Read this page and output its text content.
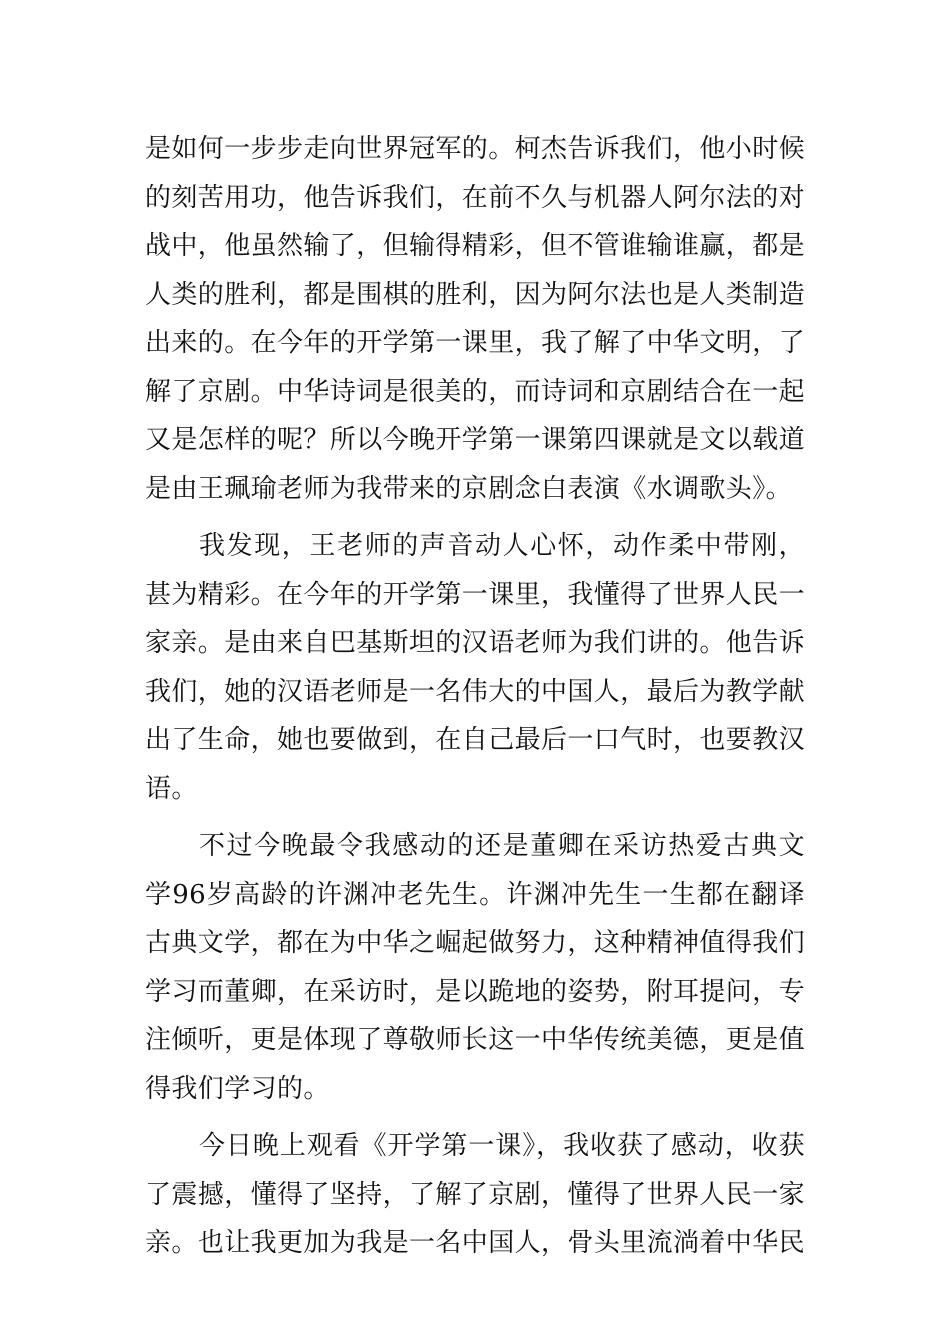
是如何一步步走向世界冠军的。柯杰告诉我们，他小时候的刻苦用功，他告诉我们，在前不久与机器人阿尔法的对战中，他虽然输了，但输得精彩，但不管谁输谁赢，都是人类的胜利，都是围棋的胜利，因为阿尔法也是人类制造出来的。在今年的开学第一课里，我了解了中华文明，了解了京剧。中华诗词是很美的，而诗词和京剧结合在一起又是怎样的呢？所以今晚开学第一课第四课就是文以载道是由王珮瑜老师为我带来的京剧念白表演《水调歌头》。

我发现，王老师的声音动人心怀，动作柔中带刚，甚为精彩。在今年的开学第一课里，我懂得了世界人民一家亲。是由来自巴基斯坦的汉语老师为我们讲的。他告诉我们，她的汉语老师是一名伟大的中国人，最后为教学献出了生命，她也要做到，在自己最后一口气时，也要教汉语。

不过今晚最令我感动的还是董卿在采访热爱古典文学96岁高龄的许渊冲老先生。许渊冲先生一生都在翻译古典文学，都在为中华之崛起做努力，这种精神值得我们学习而董卿，在采访时，是以跪地的姿势，附耳提问，专注倾听，更是体现了尊敬师长这一中华传统美德，更是值得我们学习的。

今日晚上观看《开学第一课》，我收获了感动，收获了震撼，懂得了坚持，了解了京剧，懂得了世界人民一家亲。也让我更加为我是一名中国人，骨头里流淌着中华民
